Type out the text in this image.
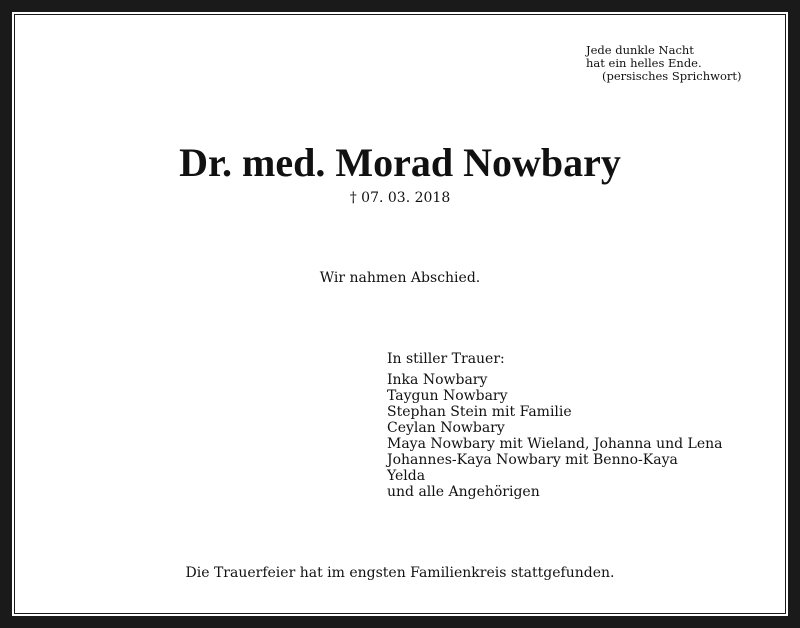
Jede dunkle Nacht
hat ein helles Ende.
(persisches Sprichwort)
Dr. med. Morad Nowbary
† 07. 03. 2018
Wir nahmen Abschied.
In stiller Trauer:
Inka Nowbary
Taygun Nowbary
Stephan Stein mit Familie
Ceylan Nowbary
Maya Nowbary mit Wieland, Johanna und Lena
Johannes-Kaya Nowbary mit Benno-Kaya
Yelda
und alle Angehörigen
Die Trauerfeier hat im engsten Familienkreis stattgefunden.
